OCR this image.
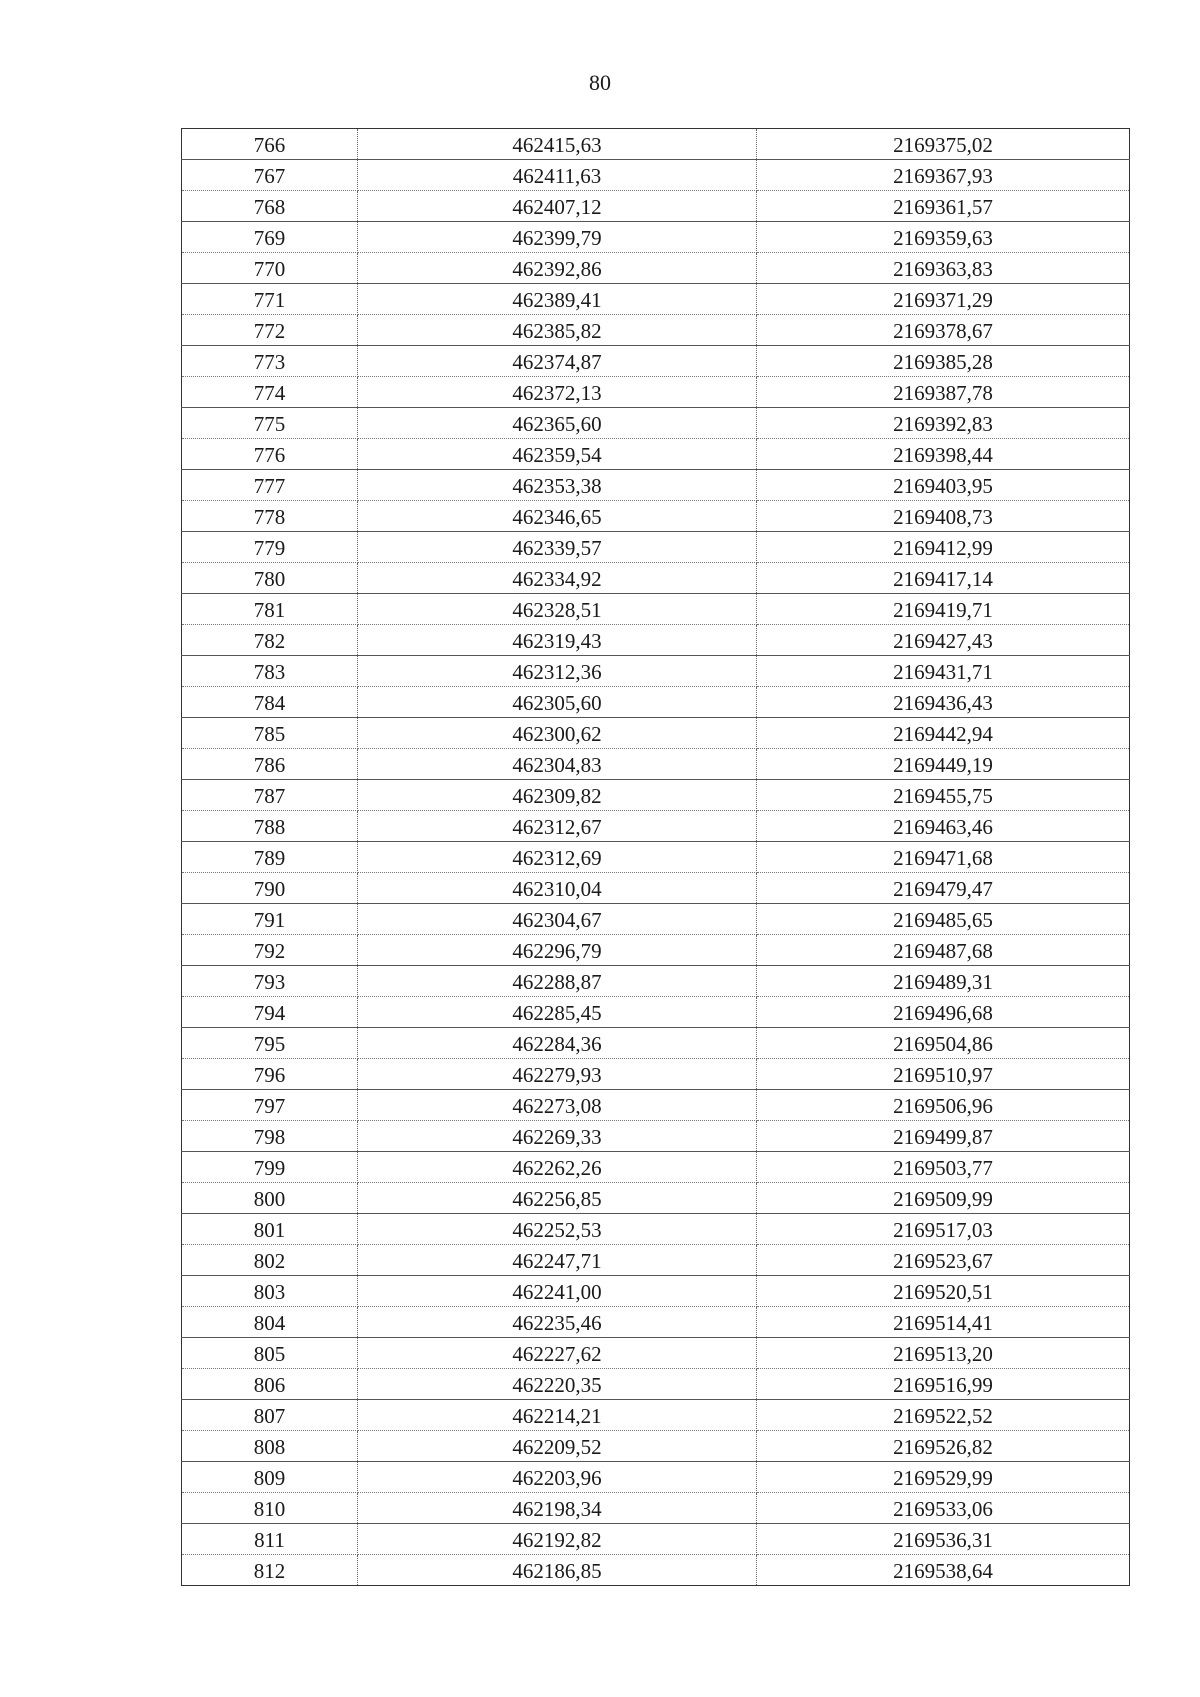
80
766	462415,63	2169375,02
767	462411,63	2169367,93
768	462407,12	2169361,57
769	462399,79	2169359,63
770	462392,86	2169363,83
771	462389,41	2169371,29
772	462385,82	2169378,67
773	462374,87	2169385,28
774	462372,13	2169387,78
775	462365,60	2169392,83
776	462359,54	2169398,44
777	462353,38	2169403,95
778	462346,65	2169408,73
779	462339,57	2169412,99
780	462334,92	2169417,14
781	462328,51	2169419,71
782	462319,43	2169427,43
783	462312,36	2169431,71
784	462305,60	2169436,43
785	462300,62	2169442,94
786	462304,83	2169449,19
787	462309,82	2169455,75
788	462312,67	2169463,46
789	462312,69	2169471,68
790	462310,04	2169479,47
791	462304,67	2169485,65
792	462296,79	2169487,68
793	462288,87	2169489,31
794	462285,45	2169496,68
795	462284,36	2169504,86
796	462279,93	2169510,97
797	462273,08	2169506,96
798	462269,33	2169499,87
799	462262,26	2169503,77
800	462256,85	2169509,99
801	462252,53	2169517,03
802	462247,71	2169523,67
803	462241,00	2169520,51
804	462235,46	2169514,41
805	462227,62	2169513,20
806	462220,35	2169516,99
807	462214,21	2169522,52
808	462209,52	2169526,82
809	462203,96	2169529,99
810	462198,34	2169533,06
811	462192,82	2169536,31
812	462186,85	2169538,64
